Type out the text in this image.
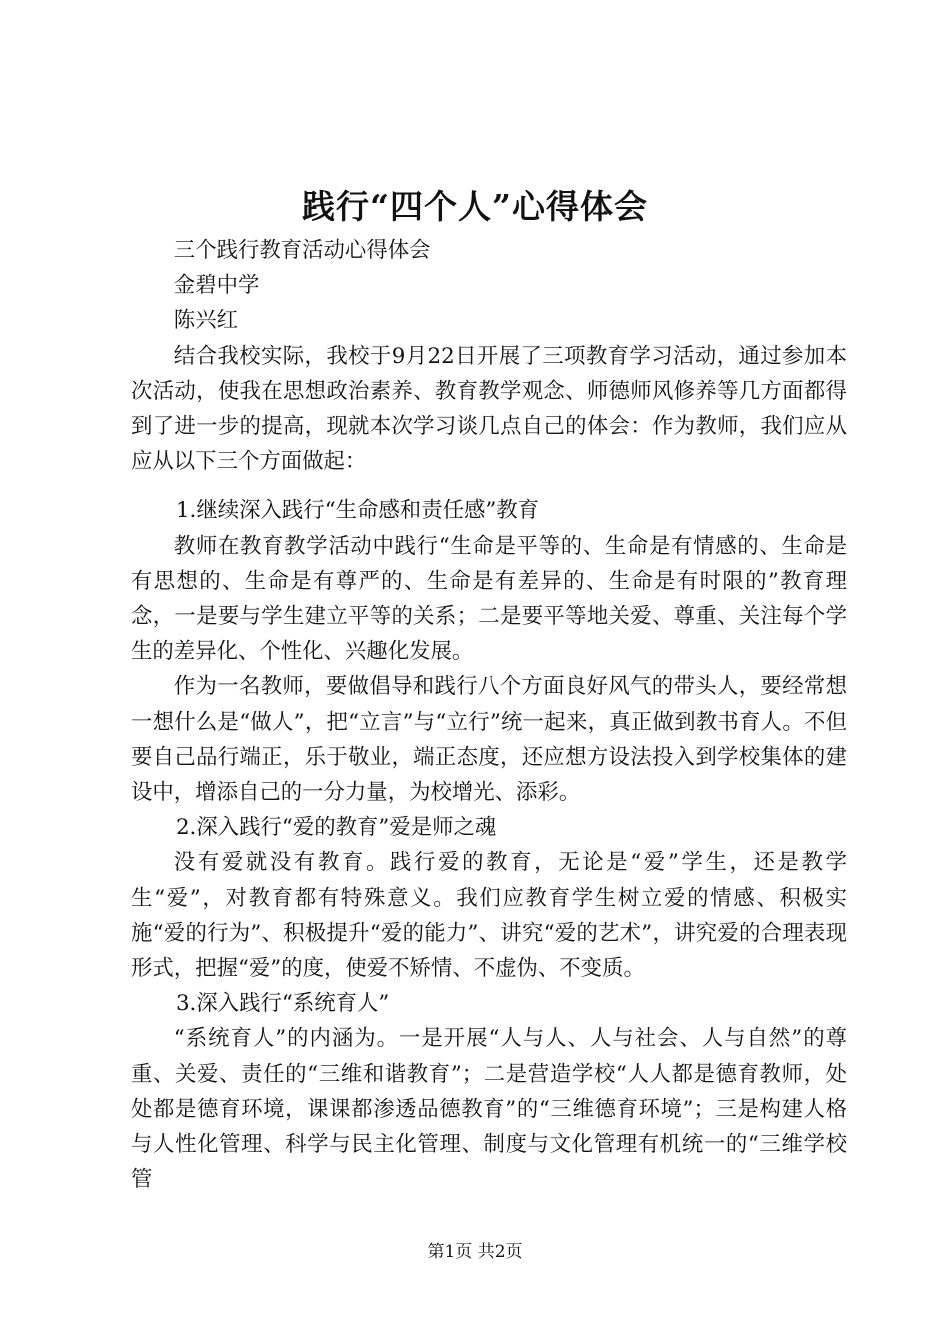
践行“四个人”心得体会

三个践行教育活动心得体会

金碧中学

陈兴红

结合我校实际，我校于9月22日开展了三项教育学习活动，通过参加本次活动，使我在思想政治素养、教育教学观念、师德师风修养等几方面都得到了进一步的提高，现就本次学习谈几点自己的体会：作为教师，我们应从应从以下三个方面做起：

1.继续深入践行“生命感和责任感”教育

教师在教育教学活动中践行“生命是平等的、生命是有情感的、生命是有思想的、生命是有尊严的、生命是有差异的、生命是有时限的”教育理念，一是要与学生建立平等的关系；二是要平等地关爱、尊重、关注每个学生的差异化、个性化、兴趣化发展。

作为一名教师，要做倡导和践行八个方面良好风气的带头人，要经常想一想什么是“做人”，把“立言”与“立行”统一起来，真正做到教书育人。不但要自己品行端正，乐于敬业，端正态度，还应想方设法投入到学校集体的建设中，增添自己的一分力量，为校增光、添彩。

2.深入践行“爱的教育”爱是师之魂

没有爱就没有教育。践行爱的教育，无论是“爱”学生，还是教学生“爱”，对教育都有特殊意义。我们应教育学生树立爱的情感、积极实施“爱的行为”、积极提升“爱的能力”、讲究“爱的艺术”，讲究爱的合理表现形式，把握“爱”的度，使爱不矫情、不虚伪、不变质。

3.深入践行“系统育人”

“系统育人”的内涵为。一是开展“人与人、人与社会、人与自然”的尊重、关爱、责任的“三维和谐教育”；二是营造学校“人人都是德育教师，处处都是德育环境，课课都渗透品德教育”的“三维德育环境”；三是构建人格与人性化管理、科学与民主化管理、制度与文化管理有机统一的“三维学校管

第1页 共2页
